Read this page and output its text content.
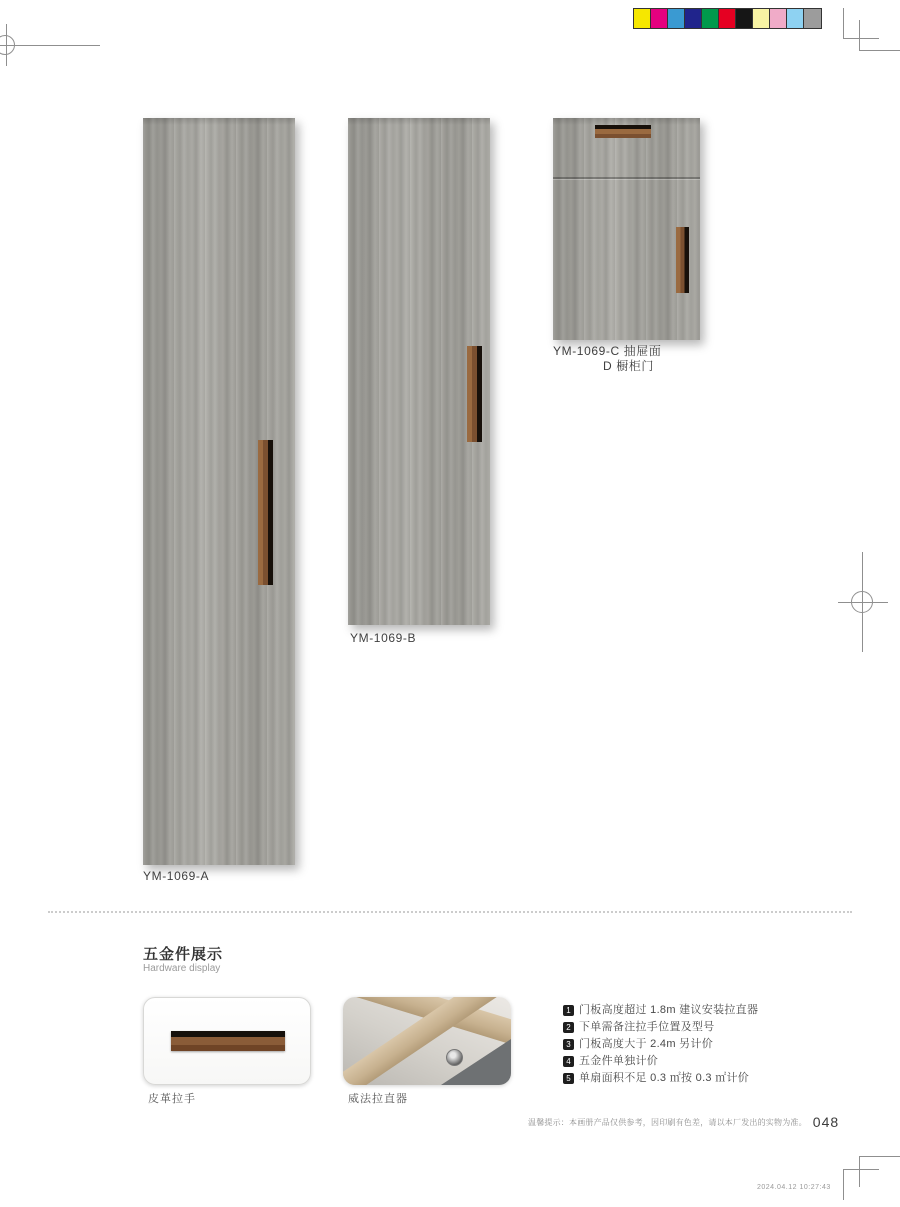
YM-1069-A
YM-1069-B
YM-1069-C 抽屉面
D 橱柜门
五金件展示
Hardware display
皮革拉手	威法拉直器
1 门板高度超过 1.8m 建议安装拉直器
2 下单需备注拉手位置及型号
3 门板高度大于 2.4m 另计价
4 五金件单独计价
5 单扇面积不足 0.3 ㎡按 0.3 ㎡计价
温馨提示：本画册产品仅供参考，因印刷有色差，请以本厂发出的实物为准。 048
2024.04.12 10:27:43
